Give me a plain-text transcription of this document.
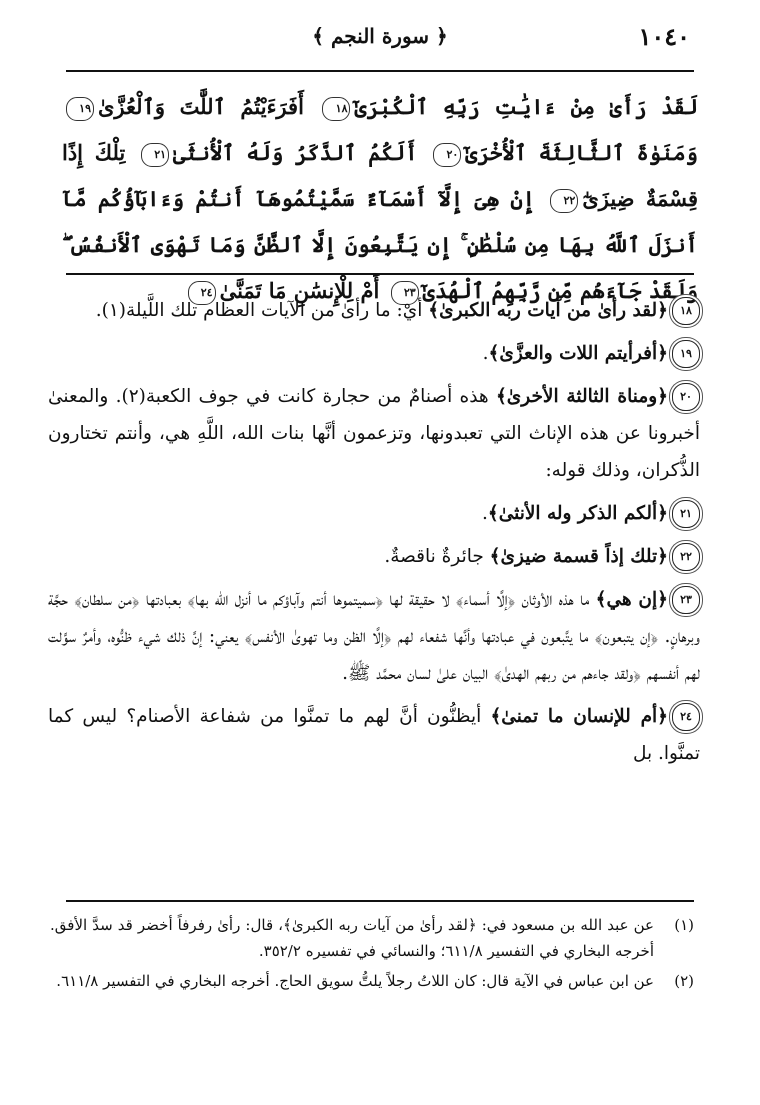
١٠٤٠
﴿ سورة النجم ﴾
لَقَدْ رَأَىٰ مِنْ ءَايَٰتِ رَبِّهِ ٱلْكُبْرَىٰٓ١٨ أَفَرَءَيْتُمُ ٱللَّٰتَ وَٱلْعُزَّىٰ١٩ وَمَنَوٰةَ ٱلثَّالِثَةَ ٱلْأُخْرَىٰٓ٢٠ أَلَكُمُ ٱلذَّكَرُ وَلَهُ ٱلْأُنثَىٰ٢١ تِلْكَ إِذًا قِسْمَةٌ ضِيزَىٰٓ٢٢ إِنْ هِىَ إِلَّآ أَسْمَآءٌ سَمَّيْتُمُوهَآ أَنتُمْ وَءَابَآؤُكُم مَّآ أَنزَلَ ٱللَّهُ بِهَا مِن سُلْطَٰنٍ ۚ إِن يَتَّبِعُونَ إِلَّا ٱلظَّنَّ وَمَا تَهْوَى ٱلْأَنفُسُ ۖ وَلَقَدْ جَآءَهُم مِّن رَّبِّهِمُ ٱلْهُدَىٰٓ٢٣ أَمْ لِلْإِنسَٰنِ مَا تَمَنَّىٰ٢٤

١٨﴿لقد رأىٰ من آيات ربه الكبرىٰ﴾ أيْ: ما رأىٰ من الآيات العظام تلك اللَّيلة(١).

١٩﴿أفرأيتم اللات والعزَّىٰ﴾.

٢٠﴿ومناة الثالثة الأخرىٰ﴾ هذه أصنامٌ من حجارة كانت في جوف الكعبة(٢). والمعنىٰ أخبرونا عن هذه الإناث التي تعبدونها، وتزعمون أنَّها بنات الله، اللَّهِ هي، وأنتم تختارون الذُّكران، وذلك قوله:

٢١﴿ألكم الذكر وله الأنثىٰ﴾.

٢٢﴿تلك إذاً قسمة ضيزىٰ﴾ جائرةٌ ناقصةٌ.

٢٣﴿إن هي﴾ ما هذه الأوثان ﴿إلَّا أسماء﴾ لا حقيقة لها ﴿سميتموها أنتم وآباؤكم ما أنزل الله بها﴾ بعبادتها ﴿من سلطان﴾ حجَّة وبرهانٍ. ﴿إن يتبعون﴾ ما يتَّبعون في عبادتها وأنَّها شفعاء لهم ﴿إلَّا الظن وما تهوىٰ الأنفس﴾ يعني: إنَّ ذلك شيء ظنُّوه، وأمرٌ سوَّلت لهم أنفسهم ﴿ولقد جاءهم من ربهم الهدىٰ﴾ البيان علىٰ لسان محمَّد ﷺ.

٢٤﴿أم للإنسان ما تمنىٰ﴾ أيظنُّون أنَّ لهم ما تمنَّوا من شفاعة الأصنام؟ ليس كما تمنَّوا. بل

(١)
عن عبد الله بن مسعود في: ﴿لقد رأىٰ من آيات ربه الكبرىٰ﴾، قال: رأىٰ رفرفاً أخضر قد سدَّ الأفق. أخرجه البخاري في التفسير ٦١١/٨؛ والنسائي في تفسيره ٣٥٢/٢.

(٢)
عن ابن عباس في الآية قال: كان اللاتُ رجلاً يلتُّ سويق الحاج. أخرجه البخاري في التفسير ٦١١/٨.
